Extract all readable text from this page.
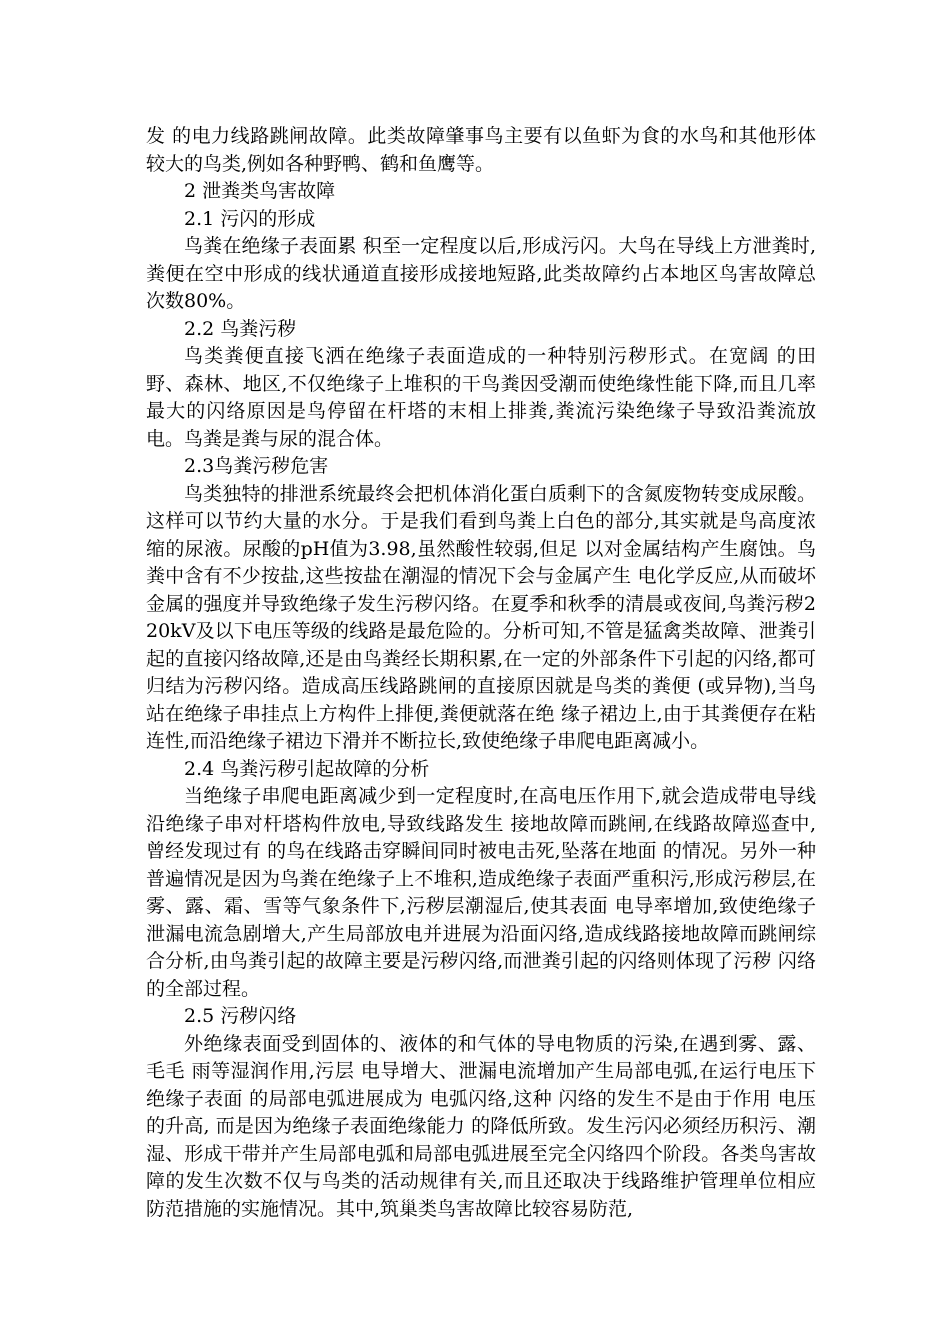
发 的电力线路跳闸故障。此类故障肇事鸟主要有以鱼虾为食的水鸟和其他形体较大的鸟类,例如各种野鸭、鹤和鱼鹰等。

2 泄粪类鸟害故障

2.1 污闪的形成

鸟粪在绝缘子表面累 积至一定程度以后,形成污闪。大鸟在导线上方泄粪时,粪便在空中形成的线状通道直接形成接地短路,此类故障约占本地区鸟害故障总次数80%。

2.2 鸟粪污秽

鸟类粪便直接飞洒在绝缘子表面造成的一种特别污秽形式。在宽阔 的田野、森林、地区,不仅绝缘子上堆积的干鸟粪因受潮而使绝缘性能下降,而且几率最大的闪络原因是鸟停留在杆塔的末相上排粪,粪流污染绝缘子导致沿粪流放电。鸟粪是粪与尿的混合体。

2.3鸟粪污秽危害

鸟类独特的排泄系统最终会把机体消化蛋白质剩下的含氮废物转变成尿酸。这样可以节约大量的水分。于是我们看到鸟粪上白色的部分,其实就是鸟高度浓缩的尿液。尿酸的pH值为3.98,虽然酸性较弱,但足 以对金属结构产生腐蚀。鸟粪中含有不少按盐,这些按盐在潮湿的情况下会与金属产生 电化学反应,从而破坏金属的强度并导致绝缘子发生污秽闪络。在夏季和秋季的清晨或夜间,鸟粪污秽220kV及以下电压等级的线路是最危险的。分析可知,不管是猛禽类故障、泄粪引起的直接闪络故障,还是由鸟粪经长期积累,在一定的外部条件下引起的闪络,都可归结为污秽闪络。造成高压线路跳闸的直接原因就是鸟类的粪便 (或异物),当鸟站在绝缘子串挂点上方构件上排便,粪便就落在绝 缘子裙边上,由于其粪便存在粘连性,而沿绝缘子裙边下滑并不断拉长,致使绝缘子串爬电距离减小。

2.4 鸟粪污秽引起故障的分析

当绝缘子串爬电距离减少到一定程度时,在高电压作用下,就会造成带电导线沿绝缘子串对杆塔构件放电,导致线路发生 接地故障而跳闸,在线路故障巡查中,曾经发现过有 的鸟在线路击穿瞬间同时被电击死,坠落在地面 的情况。另外一种普遍情况是因为鸟粪在绝缘子上不堆积,造成绝缘子表面严重积污,形成污秽层,在雾、露、霜、雪等气象条件下,污秽层潮湿后,使其表面 电导率增加,致使绝缘子泄漏电流急剧增大,产生局部放电并进展为沿面闪络,造成线路接地故障而跳闸综合分析,由鸟粪引起的故障主要是污秽闪络,而泄粪引起的闪络则体现了污秽 闪络的全部过程。

2.5 污秽闪络

外绝缘表面受到固体的、液体的和气体的导电物质的污染,在遇到雾、露、毛毛 雨等湿润作用,污层 电导增大、泄漏电流增加产生局部电弧,在运行电压下绝缘子表面 的局部电弧进展成为 电弧闪络,这种 闪络的发生不是由于作用 电压的升高, 而是因为绝缘子表面绝缘能力 的降低所致。发生污闪必须经历积污、潮湿、形成干带并产生局部电弧和局部电弧进展至完全闪络四个阶段。各类鸟害故障的发生次数不仅与鸟类的活动规律有关,而且还取决于线路维护管理单位相应防范措施的实施情况。其中,筑巢类鸟害故障比较容易防范,
